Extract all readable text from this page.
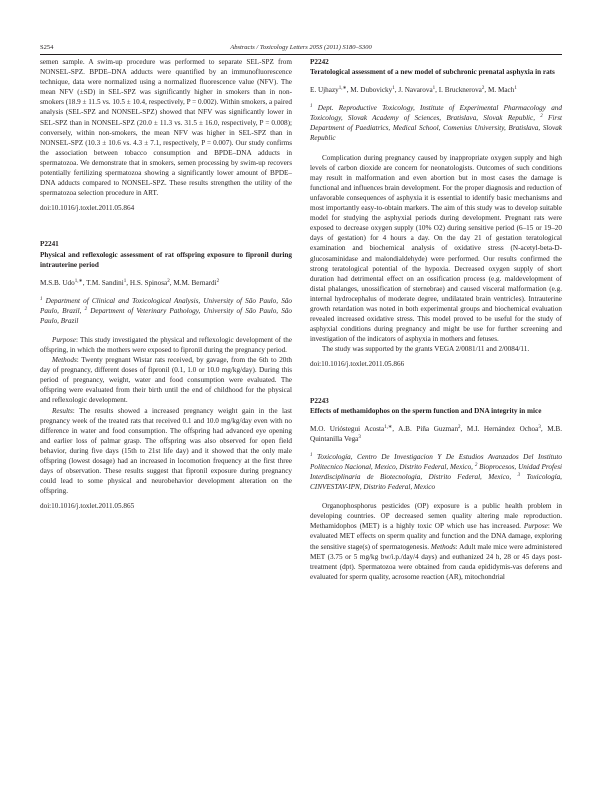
S254	Abstracts / Toxicology Letters 205S (2011) S180–S300

semen sample. A swim-up procedure was performed to separate SEL-SPZ from NONSEL-SPZ. BPDE–DNA adducts were quantified by an immunofluorescence technique, data were normalized using a normalized fluorescence value (NFV). The mean NFV (±SD) in SEL-SPZ was significantly higher in smokers than in non-smokers (18.9 ± 11.5 vs. 10.5 ± 10.4, respectively, P = 0.002). Within smokers, a paired analysis (SEL-SPZ and NONSEL-SPZ) showed that NFV was significantly lower in SEL-SPZ than in NONSEL-SPZ (20.0 ± 11.3 vs. 31.5 ± 16.0, respectively, P = 0.008); conversely, within non-smokers, the mean NFV was higher in SEL-SPZ than in NONSEL-SPZ (10.3 ± 10.6 vs. 4.3 ± 7.1, respectively, P = 0.007). Our study confirms the association between tobacco consumption and BPDE–DNA adducts in spermatozoa. We demonstrate that in smokers, semen processing by swim-up recovers potentially fertilizing spermatozoa showing a significantly lower amount of BPDE–DNA adducts compared to NONSEL-SPZ. These results strengthen the utility of the spermatozoa selection procedure in ART.

doi:10.1016/j.toxlet.2011.05.864

P2241

Physical and reflexologic assessment of rat offspring exposure to fipronil during intrauterine period

M.S.B. Udo$^{1,∗}$, T.M. Sandini$^1$, H.S. Spinosa$^2$, M.M. Bernardi$^2$

$^1$ Department of Clinical and Toxicological Analysis, University of São Paulo, São Paulo, Brazil, $^2$ Department of Veterinary Pathology, University of São Paulo, São Paulo, Brazil

Purpose: This study investigated the physical and reflexologic development of the offspring, in which the mothers were exposed to fipronil during the pregnancy period.

Methods: Twenty pregnant Wistar rats received, by gavage, from the 6th to 20th day of pregnancy, different doses of fipronil (0.1, 1.0 or 10.0 mg/kg/day). During this period of pregnancy, weight, water and food consumption were evaluated. The offspring were evaluated from their birth until the end of childhood for the physical and reflexologic development.

Results: The results showed a increased pregnancy weight gain in the last pregnancy week of the treated rats that received 0.1 and 10.0 mg/kg/day even with no difference in water and food consumption. The offspring had advanced eye opening and earlier loss of palmar grasp. The offspring was also observed for open field behavior, during five days (15th to 21st life day) and it showed that the only male offspring (lowest dosage) had an increased in locomotion frequency at the first three days of observation. These results suggest that fipronil exposure during pregnancy could lead to some physical and neurobehavior development alteration on the offspring.

doi:10.1016/j.toxlet.2011.05.865

P2242

Teratological assessment of a new model of subchronic prenatal asphyxia in rats

E. Ujhazy$^{1,∗}$, M. Dubovicky$^1$, J. Navarova$^1$, I. Brucknerova$^2$, M. Mach$^1$

$^1$ Dept. Reproductive Toxicology, Institute of Experimental Pharmacology and Toxicology, Slovak Academy of Sciences, Bratislava, Slovak Republic, $^2$ First Department of Paediatrics, Medical School, Comenius University, Bratislava, Slovak Republic

Complication during pregnancy caused by inappropriate oxygen supply and high levels of carbon dioxide are concern for neonatologists. Outcomes of such conditions may result in malformation and even abortion but in most cases the damage is functional and influences brain development. For the proper diagnosis and reduction of unfavorable consequences of asphyxia it is essential to identify basic mechanisms and most importantly easy-to-obtain markers. The aim of this study was to develop suitable model for studying the asphyxial periods during development. Pregnant rats were exposed to decrease oxygen supply (10% O2) during sensitive period (6–15 or 19–20 days of gestation) for 4 hours a day. On the day 21 of gestation teratological examination and biochemical analysis of oxidative stress (N-acetyl-beta-D-glucosaminidase and malondialdehyde) were performed. Our results confirmed the strong teratological potential of the hypoxia. Decreased oxygen supply of short duration had detrimental effect on an ossification process (e.g. maldevelopment of distal phalanges, unossification of sternebrae) and caused visceral malformation (e.g. internal hydrocephalus of moderate degree, undilatated brain ventricles). Intrauterine growth retardation was noted in both experimental groups and biochemical evaluation revealed increased oxidative stress. This model proved to be useful for the study of asphyxial conditions during pregnancy and might be use for further screening and investigation of the indicators of asphyxia in mothers and fetuses.

The study was supported by the grants VEGA 2/0081/11 and 2/0084/11.

doi:10.1016/j.toxlet.2011.05.866

P2243

Effects of methamidophos on the sperm function and DNA integrity in mice

M.O. Urióstegui Acosta$^{1,∗}$, A.B. Piña Guzman$^2$, M.I. Hernández Ochoa$^3$, M.B. Quintanilla Vega$^3$

$^1$ Toxicología, Centro De Investigacion Y De Estudios Avanzados Del Instituto Politecnico Nacional, Mexico, Distrito Federal, Mexico, $^2$ Bioprocesos, Unidad Profesi Interdisciplinaria de Biotecnologia, Distrito Federal, Mexico, $^3$ Toxicología, CINVESTAV-IPN, Distrito Federal, Mexico

Organophosphorus pesticides (OP) exposure is a public health problem in developing countries. OP decreased semen quality altering male reproduction. Methamidophos (MET) is a highly toxic OP which use has increased. Purpose: We evaluated MET effects on sperm quality and function and the DNA damage, exploring the sensitive stage(s) of spermatogenesis. Methods: Adult male mice were administered MET (3.75 or 5 mg/kg bw/i.p./day/4 days) and euthanized 24 h, 28 or 45 days post-treatment (dpt). Spermatozoa were obtained from cauda epididymis-vas deferens and evaluated for sperm quality, acrosome reaction (AR), mitochondrial
